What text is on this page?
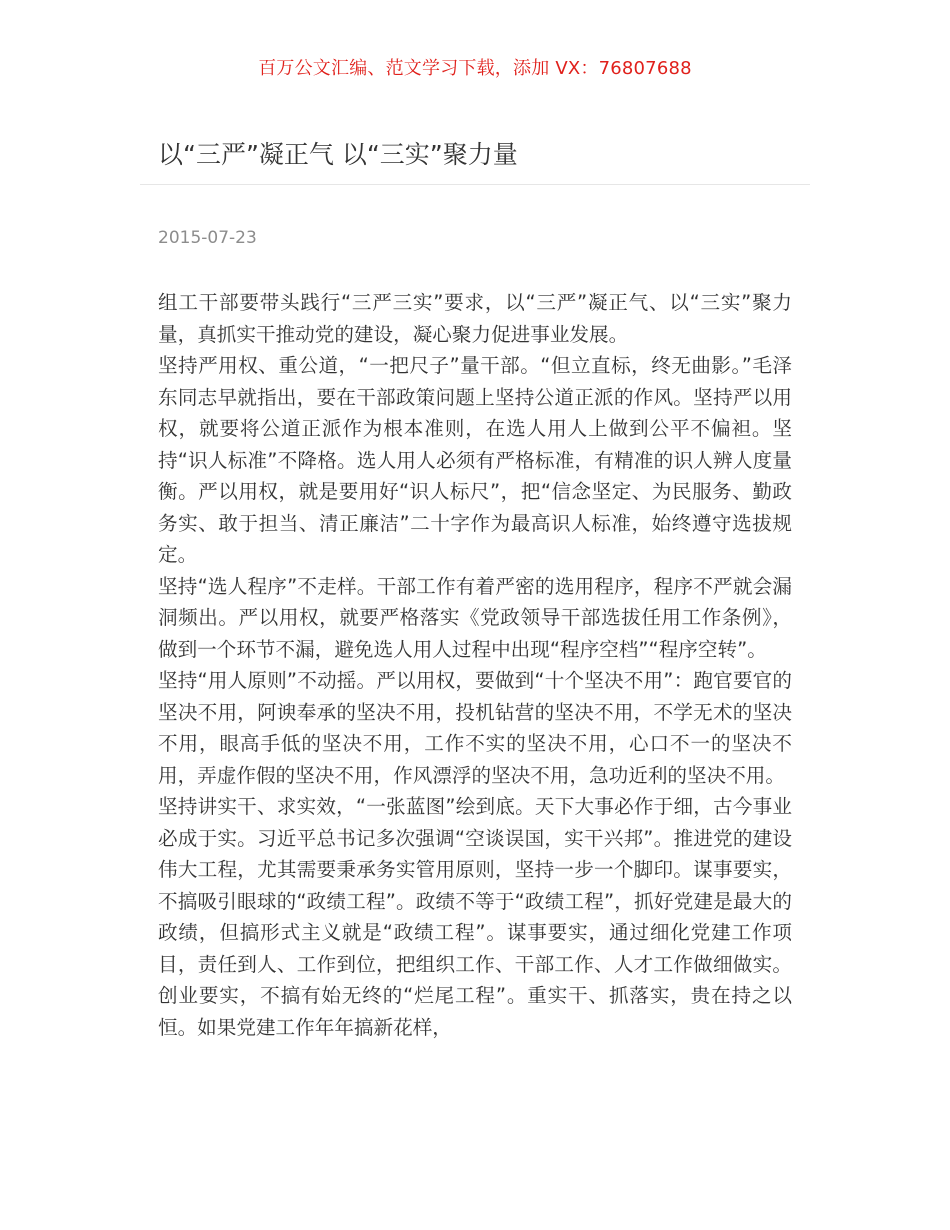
百万公文汇编、范文学习下载，添加 VX：76807688
以“三严”凝正气 以“三实”聚力量
2015-07-23

组工干部要带头践行“三严三实”要求，以“三严”凝正气、以“三实”聚力量，真抓实干推动党的建设，凝心聚力促进事业发展。

坚持严用权、重公道，“一把尺子”量干部。“但立直标，终无曲影。”毛泽东同志早就指出，要在干部政策问题上坚持公道正派的作风。坚持严以用权，就要将公道正派作为根本准则，在选人用人上做到公平不偏袒。坚持“识人标准”不降格。选人用人必须有严格标准，有精准的识人辨人度量衡。严以用权，就是要用好“识人标尺”，把“信念坚定、为民服务、勤政务实、敢于担当、清正廉洁”二十字作为最高识人标准，始终遵守选拔规定。

坚持“选人程序”不走样。干部工作有着严密的选用程序，程序不严就会漏洞频出。严以用权，就要严格落实《党政领导干部选拔任用工作条例》，做到一个环节不漏，避免选人用人过程中出现“程序空档”“程序空转”。

坚持“用人原则”不动摇。严以用权，要做到“十个坚决不用”：跑官要官的坚决不用，阿谀奉承的坚决不用，投机钻营的坚决不用，不学无术的坚决不用，眼高手低的坚决不用，工作不实的坚决不用，心口不一的坚决不用，弄虚作假的坚决不用，作风漂浮的坚决不用，急功近利的坚决不用。

坚持讲实干、求实效，“一张蓝图”绘到底。天下大事必作于细，古今事业必成于实。习近平总书记多次强调“空谈误国，实干兴邦”。推进党的建设伟大工程，尤其需要秉承务实管用原则，坚持一步一个脚印。谋事要实，不搞吸引眼球的“政绩工程”。政绩不等于“政绩工程”，抓好党建是最大的政绩，但搞形式主义就是“政绩工程”。谋事要实，通过细化党建工作项目，责任到人、工作到位，把组织工作、干部工作、人才工作做细做实。创业要实，不搞有始无终的“烂尾工程”。重实干、抓落实，贵在持之以恒。如果党建工作年年搞新花样，
